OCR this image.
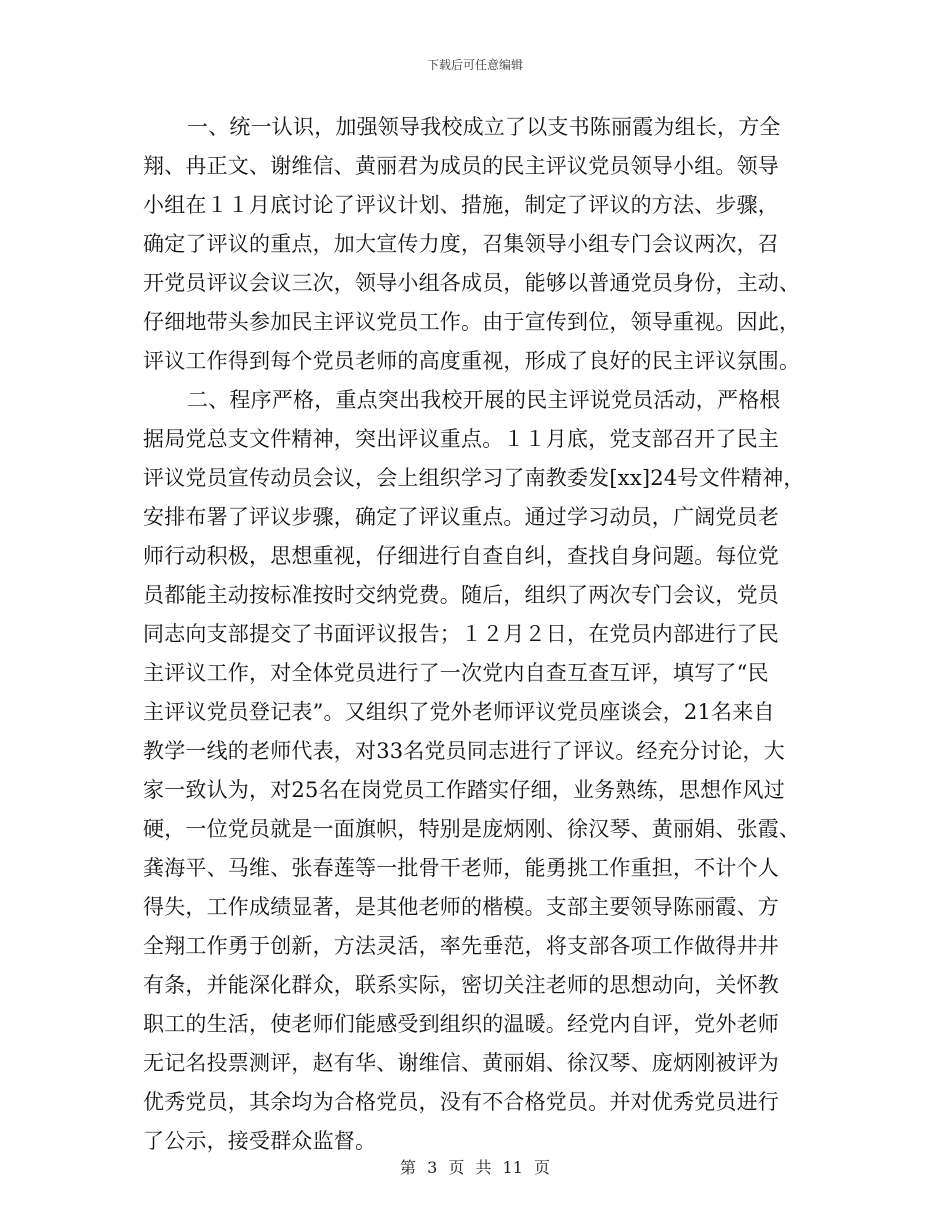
下载后可任意编辑
一、统一认识，加强领导我校成立了以支书陈丽霞为组长，方全
翔、冉正文、谢维信、黄丽君为成员的民主评议党员领导小组。领导
小组在１１月底讨论了评议计划、措施，制定了评议的方法、步骤，
确定了评议的重点，加大宣传力度，召集领导小组专门会议两次，召
开党员评议会议三次，领导小组各成员，能够以普通党员身份，主动、
仔细地带头参加民主评议党员工作。由于宣传到位，领导重视。因此，
评议工作得到每个党员老师的高度重视，形成了良好的民主评议氛围。
二、程序严格，重点突出我校开展的民主评说党员活动，严格根
据局党总支文件精神，突出评议重点。１１月底，党支部召开了民主
评议党员宣传动员会议，会上组织学习了南教委发[xx]24号文件精神，
安排布署了评议步骤，确定了评议重点。通过学习动员，广阔党员老
师行动积极，思想重视，仔细进行自查自纠，查找自身问题。每位党
员都能主动按标准按时交纳党费。随后，组织了两次专门会议，党员
同志向支部提交了书面评议报告；１２月２日，在党员内部进行了民
主评议工作，对全体党员进行了一次党内自查互查互评，填写了“民
主评议党员登记表”。又组织了党外老师评议党员座谈会，21名来自
教学一线的老师代表，对33名党员同志进行了评议。经充分讨论，大
家一致认为，对25名在岗党员工作踏实仔细，业务熟练，思想作风过
硬，一位党员就是一面旗帜，特别是庞炳刚、徐汉琴、黄丽娟、张霞、
龚海平、马维、张春莲等一批骨干老师，能勇挑工作重担，不计个人
得失，工作成绩显著，是其他老师的楷模。支部主要领导陈丽霞、方
全翔工作勇于创新，方法灵活，率先垂范，将支部各项工作做得井井
有条，并能深化群众，联系实际，密切关注老师的思想动向，关怀教
职工的生活，使老师们能感受到组织的温暖。经党内自评，党外老师
无记名投票测评，赵有华、谢维信、黄丽娟、徐汉琴、庞炳刚被评为
优秀党员，其余均为合格党员，没有不合格党员。并对优秀党员进行
了公示，接受群众监督。
第 3 页 共 11 页
